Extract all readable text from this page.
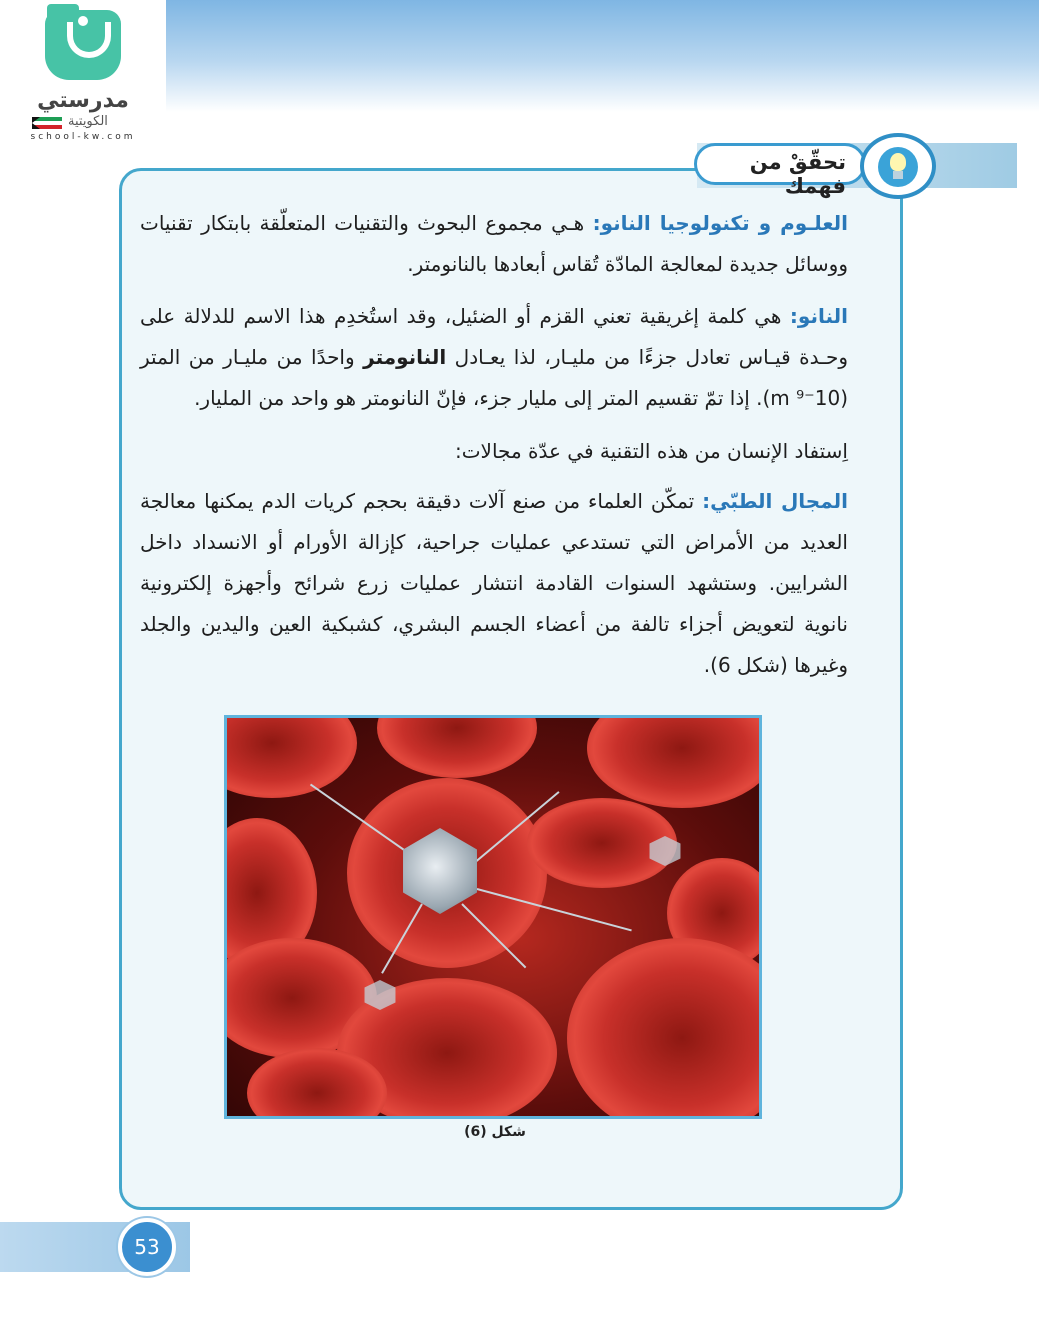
مدرستي
الكويتية
school-kw.com
تحقّقْ من فهمك
العلـوم و تكنولوجيا النانو: هـي مجموع البحوث والتقنيات المتعلّقة بابتكار تقنيات ووسائل جديدة لمعالجة المادّة تُقاس أبعادها بالنانومتر.
النانو: هي كلمة إغريقية تعني القزم أو الضئيل، وقد استُخدِم هذا الاسم للدلالة على وحـدة قيـاس تعادل جزءًا من مليـار، لذا يعـادل النانومتر واحدًا من مليـار من المتر (10⁻⁹ m). إذا تمّ تقسيم المتر إلى مليار جزء، فإنّ النانومتر هو واحد من المليار.
اِستفاد الإنسان من هذه التقنية في عدّة مجالات:
المجال الطبّي: تمكّن العلماء من صنع آلات دقيقة بحجم كريات الدم يمكنها معالجة العديد من الأمراض التي تستدعي عمليات جراحية، كإزالة الأورام أو الانسداد داخل الشرايين. وستشهد السنوات القادمة انتشار عمليات زرع شرائح وأجهزة إلكترونية نانوية لتعويض أجزاء تالفة من أعضاء الجسم البشري، كشبكية العين واليدين والجلد وغيرها (شكل 6).
شكل (6)
53
